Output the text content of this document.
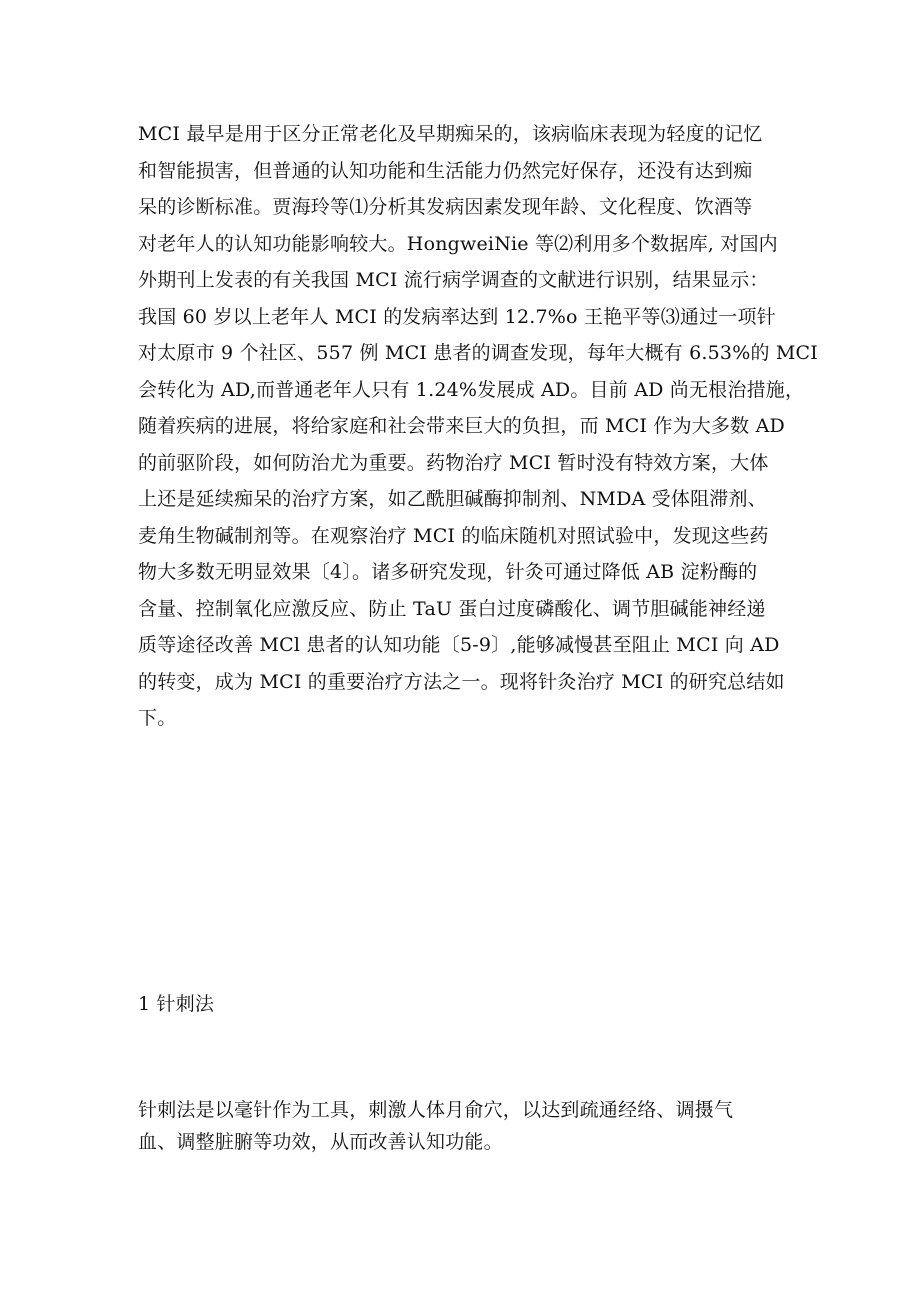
MCI 最早是用于区分正常老化及早期痴呆的，该病临床表现为轻度的记忆
和智能损害，但普通的认知功能和生活能力仍然完好保存，还没有达到痴
呆的诊断标准。贾海玲等⑴分析其发病因素发现年龄、文化程度、饮酒等
对老年人的认知功能影响较大。HongweiNie 等⑵利用多个数据库, 对国内
外期刊上发表的有关我国 MCI 流行病学调查的文献进行识别，结果显示：
我国 60 岁以上老年人 MCI 的发病率达到 12.7%o 王艳平等⑶通过一项针
对太原市 9 个社区、557 例 MCI 患者的调查发现，每年大概有 6.53%的 MCI
会转化为 AD,而普通老年人只有 1.24%发展成 AD。目前 AD 尚无根治措施，
随着疾病的进展，将给家庭和社会带来巨大的负担，而 MCI 作为大多数 AD
的前驱阶段，如何防治尤为重要。药物治疗 MCI 暂时没有特效方案，大体
上还是延续痴呆的治疗方案，如乙酰胆碱酶抑制剂、NMDA 受体阻滞剂、
麦角生物碱制剂等。在观察治疗 MCI 的临床随机对照试验中，发现这些药
物大多数无明显效果〔4〕。诸多研究发现，针灸可通过降低 AB 淀粉酶的
含量、控制氧化应激反应、防止 TaU 蛋白过度磷酸化、调节胆碱能神经递
质等途径改善 MCl 患者的认知功能〔5-9〕,能够减慢甚至阻止 MCI 向 AD
的转变，成为 MCI 的重要治疗方法之一。现将针灸治疗 MCI 的研究总结如
下。
1 针刺法
针刺法是以毫针作为工具，刺激人体月俞穴，以达到疏通经络、调摄气
血、调整脏腑等功效，从而改善认知功能。
